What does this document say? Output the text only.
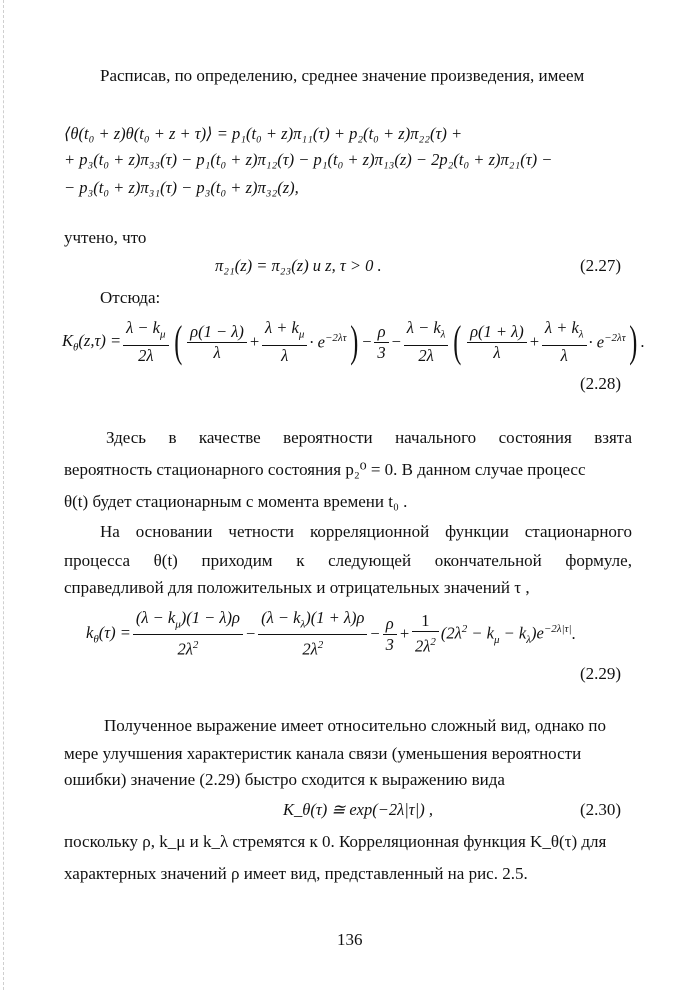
Расписав, по определению, среднее значение произведения, имеем
⟨θ(t₀ + z)θ(t₀ + z + τ)⟩ = p₁(t₀ + z)π₁₁(τ) + p₂(t₀ + z)π₂₂(τ) +
+ p₃(t₀ + z)π₃₃(τ) − p₁(t₀ + z)π₁₂(τ) − p₁(t₀ + z)π₁₃(z) − 2p₂(t₀ + z)π₂₁(τ) −
− p₃(t₀ + z)π₃₁(τ) − p₃(t₀ + z)π₃₂(z),
учтено, что
π₂₁(z) = π₂₃(z) и z, τ > 0 .	(2.27)
Отсюда:
$K_\theta(z,\tau) = \frac{\lambda - k_\mu}{2\lambda}$ ( $\frac{\rho(1 - \lambda)}{\lambda} + \frac{\lambda + k_\mu}{\lambda} \cdot e^{-2\lambda\tau}$ ) − $\frac{\rho}{3} - \frac{\lambda - k_\lambda}{2\lambda}$ ( $\frac{\rho(1 + \lambda)}{\lambda} + \frac{\lambda + k_\lambda}{\lambda} \cdot e^{-2\lambda\tau}$ ) .
(2.28)
Здесь в качестве вероятности начального состояния взята
вероятность стационарного состояния p₂⁰ = 0. В данном случае процесс
θ(t) будет стационарным с момента времени t₀ .
На основании четности корреляционной функции стационарного
процесса θ(t) приходим к следующей окончательной формуле,
справедливой для положительных и отрицательных значений τ ,
$k_\theta(\tau) = \frac{(\lambda - k_\mu)(1 - \lambda)\rho}{2\lambda^2} - \frac{(\lambda - k_\lambda)(1 + \lambda)\rho}{2\lambda^2} - \frac{\rho}{3} + \frac{1}{2\lambda^2} (2\lambda^2 - k_\mu - k_\lambda)e^{-2\lambda|\tau|}$ .
(2.29)
Полученное выражение имеет относительно сложный вид, однако по
мере улучшения характеристик канала связи (уменьшения вероятности
ошибки) значение (2.29) быстро сходится к выражению вида
K_θ(τ) ≅ exp(−2λ|τ|) ,	(2.30)
поскольку ρ, k_μ и k_λ стремятся к 0. Корреляционная функция K_θ(τ) для
характерных значений ρ имеет вид, представленный на рис. 2.5.
136
